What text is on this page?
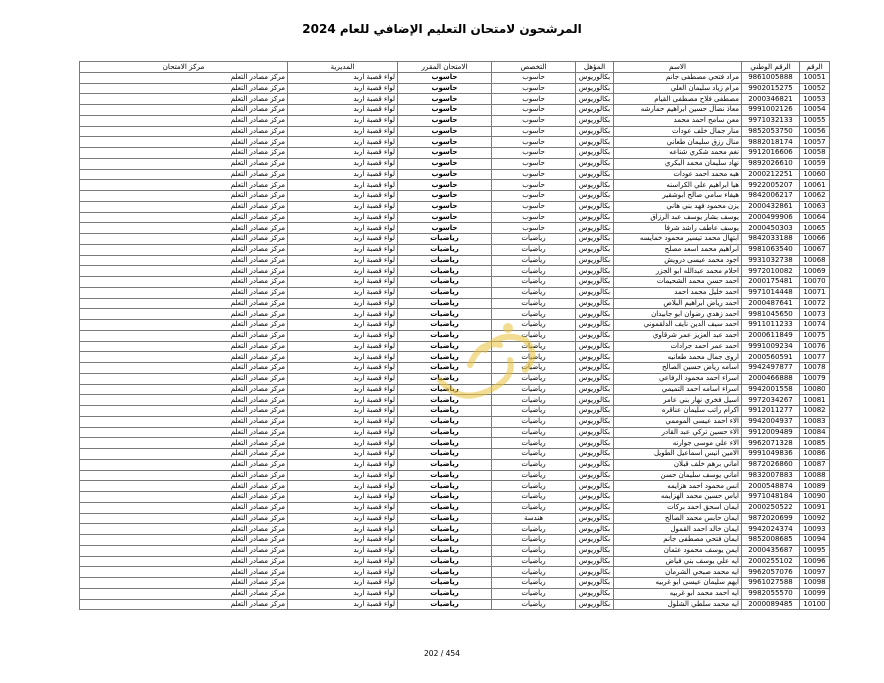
المرشحون لامتحان التعليم الإضافي للعام 2024
الرقم	الرقم الوطني	الاسم	المؤهل	التخصص	الامتحان المقرر	المديرية	مركز الامتحان
10051	9861005888	مراد فتحي مصطفى جانم	بكالوريوس	حاسوب	حاسوب	لواء قصبة اربد	مركز مصادر التعلم
10052	9902015275	مرام زياد سليمان العلي	بكالوريوس	حاسوب	حاسوب	لواء قصبة اربد	مركز مصادر التعلم
10053	2000346821	مصطفى فلاح مصطفى القيام	بكالوريوس	حاسوب	حاسوب	لواء قصبة اربد	مركز مصادر التعلم
10054	9991002126	معاذ نضال حسين ابراهيم حمارشه	بكالوريوس	حاسوب	حاسوب	لواء قصبة اربد	مركز مصادر التعلم
10055	9971032133	معن سامح احمد محمد	بكالوريوس	حاسوب	حاسوب	لواء قصبة اربد	مركز مصادر التعلم
10056	9852053750	منار جمال خلف عودات	بكالوريوس	حاسوب	حاسوب	لواء قصبة اربد	مركز مصادر التعلم
10057	9882018174	منال رزق سليمان طعاني	بكالوريوس	حاسوب	حاسوب	لواء قصبة اربد	مركز مصادر التعلم
10058	9912016606	نغم محمد شكري شناعه	بكالوريوس	حاسوب	حاسوب	لواء قصبة اربد	مركز مصادر التعلم
10059	9892026610	نهاد سليمان محمد البكري	بكالوريوس	حاسوب	حاسوب	لواء قصبة اربد	مركز مصادر التعلم
10060	2000212251	هبه محمد احمد عودات	بكالوريوس	حاسوب	حاسوب	لواء قصبة اربد	مركز مصادر التعلم
10061	9922005207	هيا ابراهيم علي الكراسنه	بكالوريوس	حاسوب	حاسوب	لواء قصبة اربد	مركز مصادر التعلم
10062	9842006217	هيفاء سامي صالح ابوشقير	بكالوريوس	حاسوب	حاسوب	لواء قصبة اربد	مركز مصادر التعلم
10063	2000432861	يزن محمود فهد بني هاني	بكالوريوس	حاسوب	حاسوب	لواء قصبة اربد	مركز مصادر التعلم
10064	2000499906	يوسف بشار يوسف عبد الرزاق	بكالوريوس	حاسوب	حاسوب	لواء قصبة اربد	مركز مصادر التعلم
10065	2000450303	يوسف عاطف راشد شرفا	بكالوريوس	حاسوب	حاسوب	لواء قصبة اربد	مركز مصادر التعلم
10066	9842033188	ابتهال محمد تيسير محمود خمايسه	بكالوريوس	رياضيات	رياضيات	لواء قصبة اربد	مركز مصادر التعلم
10067	9981063540	ابراهيم محمد اسعد مصلح	بكالوريوس	رياضيات	رياضيات	لواء قصبة اربد	مركز مصادر التعلم
10068	9931032738	اجود محمد عيسى درويش	بكالوريوس	رياضيات	رياضيات	لواء قصبة اربد	مركز مصادر التعلم
10069	9972010082	احلام محمد عبدالله ابو الجزر	بكالوريوس	رياضيات	رياضيات	لواء قصبة اربد	مركز مصادر التعلم
10070	2000175481	احمد حسن محمد الشحيمات	بكالوريوس	رياضيات	رياضيات	لواء قصبة اربد	مركز مصادر التعلم
10071	9971014448	احمد خليل محمد احمد	بكالوريوس	رياضيات	رياضيات	لواء قصبة اربد	مركز مصادر التعلم
10072	2000487641	احمد رياض ابراهيم البلاص	بكالوريوس	رياضيات	رياضيات	لواء قصبة اربد	مركز مصادر التعلم
10073	9981045650	احمد زهدي رضوان ابو جابيدان	بكالوريوس	رياضيات	رياضيات	لواء قصبة اربد	مركز مصادر التعلم
10074	9911011233	احمد سيف الدين نايف الدلقموني	بكالوريوس	رياضيات	رياضيات	لواء قصبة اربد	مركز مصادر التعلم
10075	2000611849	احمد عبد العزيز عمر شرقاوي	بكالوريوس	رياضيات	رياضيات	لواء قصبة اربد	مركز مصادر التعلم
10076	9991009234	احمد عمر احمد جرادات	بكالوريوس	رياضيات	رياضيات	لواء قصبة اربد	مركز مصادر التعلم
10077	2000560591	اروى جمال محمد طعانيه	بكالوريوس	رياضيات	رياضيات	لواء قصبة اربد	مركز مصادر التعلم
10078	9942497877	اسامه رياض حسين الصالح	بكالوريوس	رياضيات	رياضيات	لواء قصبة اربد	مركز مصادر التعلم
10079	2000466888	اسراء احمد محمود الرفاعي	بكالوريوس	رياضيات	رياضيات	لواء قصبة اربد	مركز مصادر التعلم
10080	9942001558	اسراء اسامه احمد التميمي	بكالوريوس	رياضيات	رياضيات	لواء قصبة اربد	مركز مصادر التعلم
10081	9972034267	اسيل فخري نهار بني عامر	بكالوريوس	رياضيات	رياضيات	لواء قصبة اربد	مركز مصادر التعلم
10082	9912011277	اكرام راتب سليمان عناقره	بكالوريوس	رياضيات	رياضيات	لواء قصبة اربد	مركز مصادر التعلم
10083	9942004937	الاء احمد عيسى الموممي	بكالوريوس	رياضيات	رياضيات	لواء قصبة اربد	مركز مصادر التعلم
10084	9912009489	الاء حسين تركي عبد القادر	بكالوريوس	رياضيات	رياضيات	لواء قصبة اربد	مركز مصادر التعلم
10085	9962071328	الاء علي موسى جوارنه	بكالوريوس	رياضيات	رياضيات	لواء قصبة اربد	مركز مصادر التعلم
10086	9991049836	الامين انيس اسماعيل الطويل	بكالوريوس	رياضيات	رياضيات	لواء قصبة اربد	مركز مصادر التعلم
10087	9872026860	اماني برهم خلف قبلان	بكالوريوس	رياضيات	رياضيات	لواء قصبة اربد	مركز مصادر التعلم
10088	9832007883	اماني يوسف سليمان حسن	بكالوريوس	رياضيات	رياضيات	لواء قصبة اربد	مركز مصادر التعلم
10089	2000548874	انس محمود احمد هزايمه	بكالوريوس	رياضيات	رياضيات	لواء قصبة اربد	مركز مصادر التعلم
10090	9971048184	اياس حسين محمد الهزايمه	بكالوريوس	رياضيات	رياضيات	لواء قصبة اربد	مركز مصادر التعلم
10091	2000250522	ايمان اسحق احمد بركات	بكالوريوس	رياضيات	رياضيات	لواء قصبة اربد	مركز مصادر التعلم
10092	9872020699	ايمان حابس محمد الصالح	بكالوريوس	هندسة	رياضيات	لواء قصبة اربد	مركز مصادر التعلم
10093	9942024374	ايمان خالد احمد القمول	بكالوريوس	رياضيات	رياضيات	لواء قصبة اربد	مركز مصادر التعلم
10094	9852008685	ايمان فتحي مصطفى جانم	بكالوريوس	رياضيات	رياضيات	لواء قصبة اربد	مركز مصادر التعلم
10095	2000435687	ايمن يوسف محمود عثمان	بكالوريوس	رياضيات	رياضيات	لواء قصبة اربد	مركز مصادر التعلم
10096	2000255102	ايه علي يوسف بني فياض	بكالوريوس	رياضيات	رياضيات	لواء قصبة اربد	مركز مصادر التعلم
10097	9962057076	ايه محمد صبحي الشرمان	بكالوريوس	رياضيات	رياضيات	لواء قصبة اربد	مركز مصادر التعلم
10098	9961027588	ايهم سليمان عيسى ابو غربيه	بكالوريوس	رياضيات	رياضيات	لواء قصبة اربد	مركز مصادر التعلم
10099	9982055570	ايه احمد محمد ابو غربيه	بكالوريوس	رياضيات	رياضيات	لواء قصبة اربد	مركز مصادر التعلم
10100	2000089485	ايه محمد سلطي الشلول	بكالوريوس	رياضيات	رياضيات	لواء قصبة اربد	مركز مصادر التعلم
202 / 454
